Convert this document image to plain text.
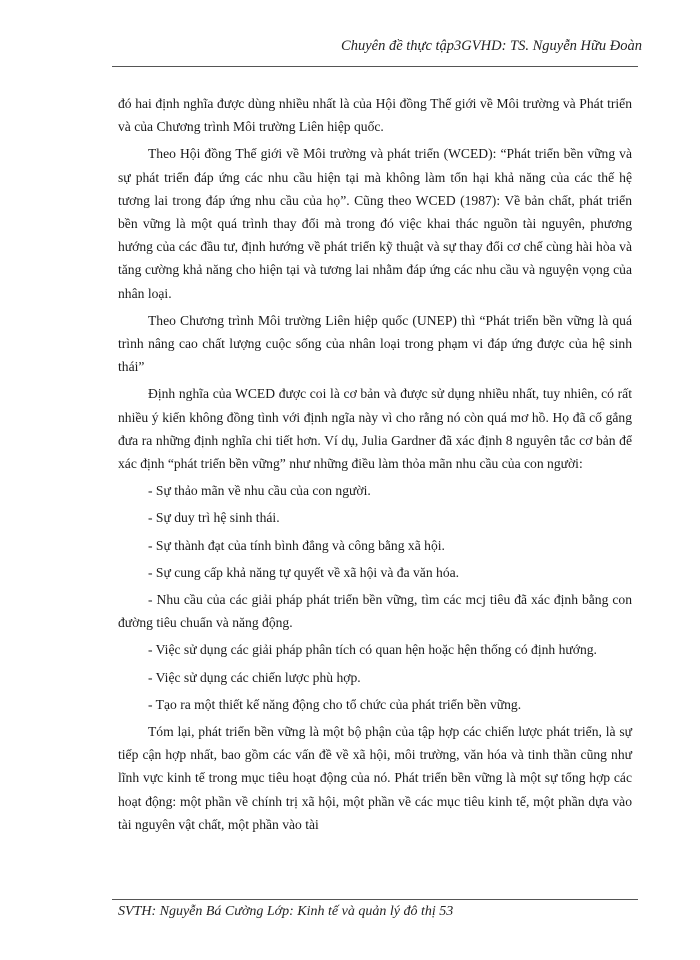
Chuyên đề thực tập3GVHD: TS. Nguyễn Hữu Đoàn

đó hai định nghĩa được dùng nhiều nhất là của Hội đồng Thế giới về Môi trường và Phát triển và của Chương trình Môi trường Liên hiệp quốc.

Theo Hội đồng Thế giới về Môi trường và phát triển (WCED): “Phát triển bền vững và sự phát triển đáp ứng các nhu cầu hiện tại mà không làm tổn hại khả năng của các thế hệ tương lai trong đáp ứng nhu cầu của họ”. Cũng theo WCED (1987): Về bản chất, phát triển bền vững là một quá trình thay đổi mà trong đó việc khai thác nguồn tài nguyên, phương hướng của các đầu tư, định hướng về phát triển kỹ thuật và sự thay đổi cơ chế cùng hài hòa và tăng cường khả năng cho hiện tại và tương lai nhằm đáp ứng các nhu cầu và nguyện vọng của nhân loại.

Theo Chương trình Môi trường Liên hiệp quốc (UNEP) thì “Phát triển bền vững là quá trình nâng cao chất lượng cuộc sống của nhân loại trong phạm vi đáp ứng được của hệ sinh thái”

Định nghĩa của WCED được coi là cơ bản và được sử dụng nhiều nhất, tuy nhiên, có rất nhiều ý kiến không đồng tình với định ngĩa này vì cho rằng nó còn quá mơ hồ. Họ đã cố gắng đưa ra những định nghĩa chi tiết hơn. Ví dụ, Julia Gardner đã xác định 8 nguyên tắc cơ bản để xác định “phát triển bền vững” như những điều làm thỏa mãn nhu cầu của con người:

- Sự thảo mãn về nhu cầu của con người.

- Sự duy trì hệ sinh thái.

- Sự thành đạt của tính bình đẳng và công bằng xã hội.

- Sự cung cấp khả năng tự quyết về xã hội và đa văn hóa.

- Nhu cầu của các giải pháp phát triển bền vững, tìm các mcj tiêu đã xác định bằng con đường tiêu chuẩn và năng động.

- Việc sử dụng các giải pháp phân tích có quan hện hoặc hện thống có định hướng.

- Việc sử dụng các chiến lược phù hợp.

- Tạo ra một thiết kế năng động cho tổ chức của phát triển bền vững.

Tóm lại, phát triển bền vững là một bộ phận của tập hợp các chiến lược phát triển, là sự tiếp cận hợp nhất, bao gồm các vấn đề về xã hội, môi trường, văn hóa và tinh thần cũng như lĩnh vực kinh tế trong mục tiêu hoạt động của nó. Phát triển bền vững là một sự tổng hợp các hoạt động: một phần về chính trị xã hội, một phần về các mục tiêu kinh tế, một phần dựa vào tài nguyên vật chất, một phần vào tài

SVTH: Nguyễn Bá Cường Lớp: Kinh tế và quản lý đô thị 53
